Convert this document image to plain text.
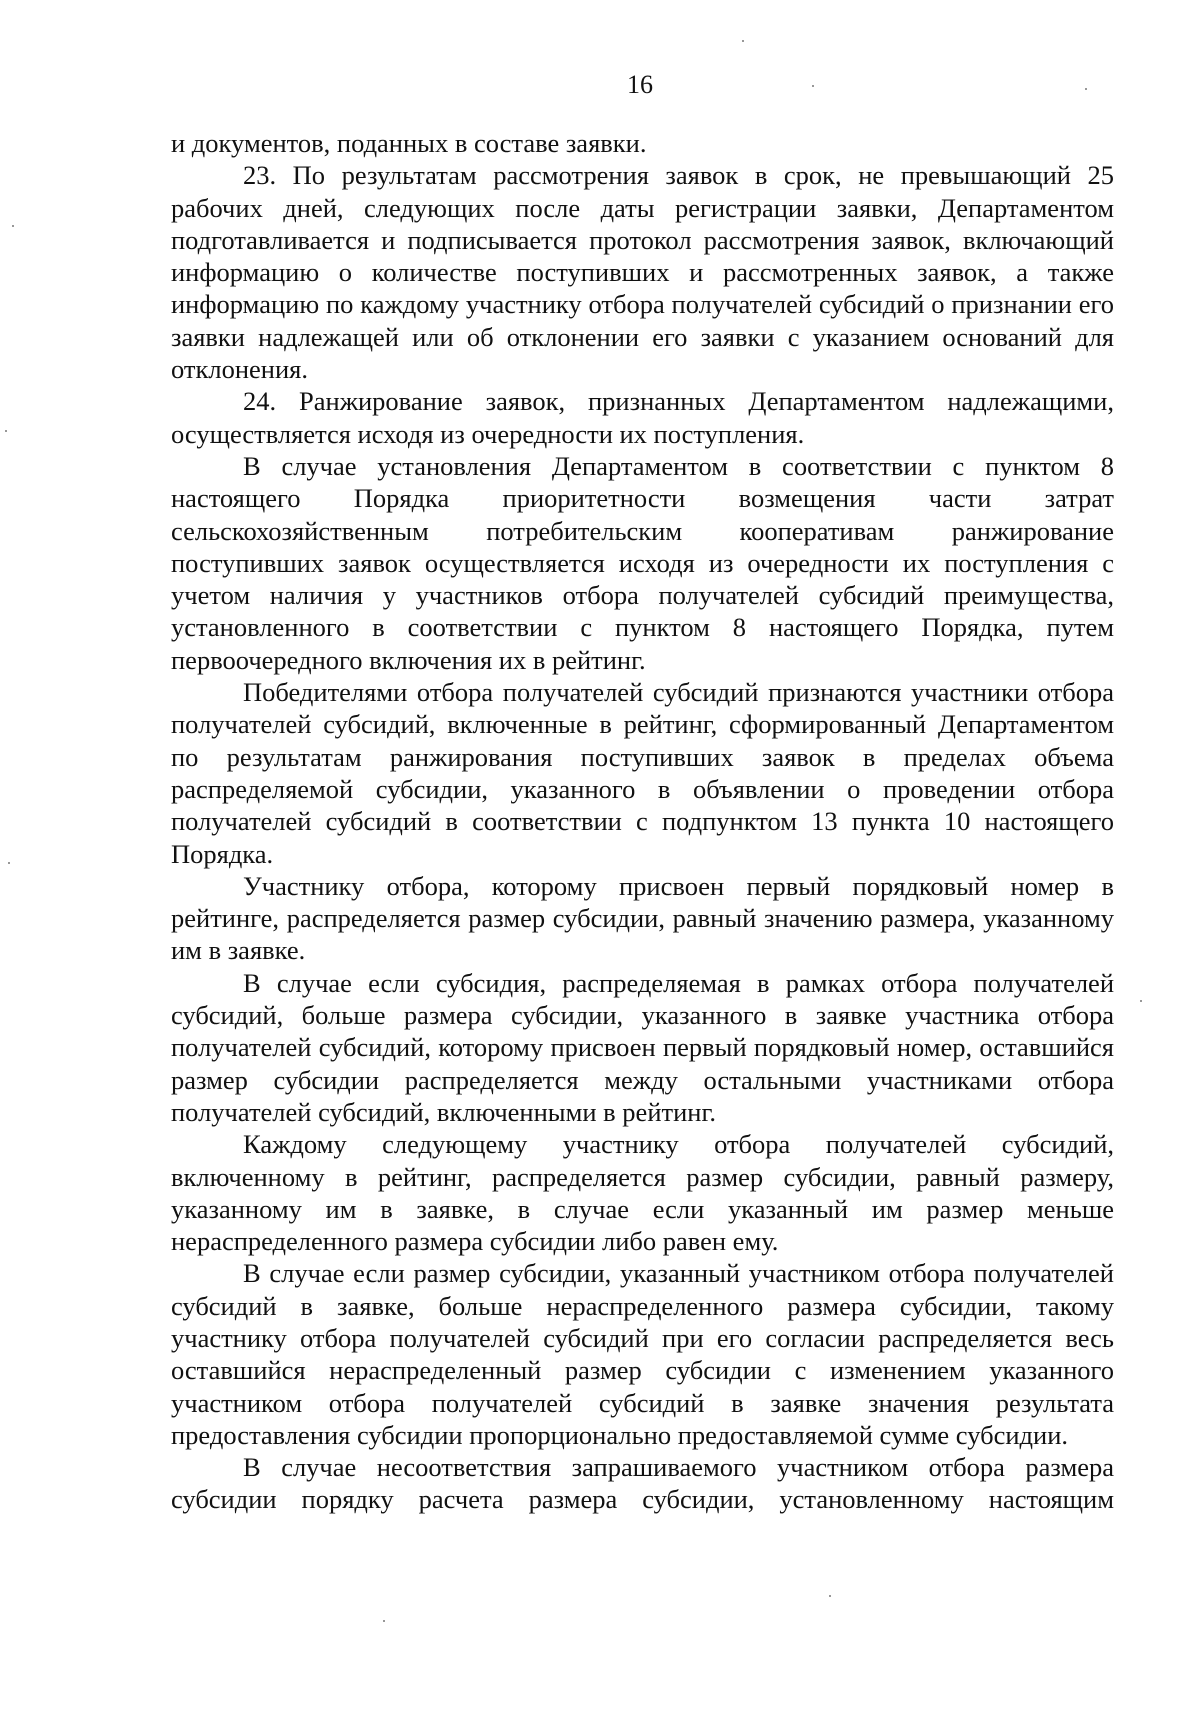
16

и документов, поданных в составе заявки.

23. По результатам рассмотрения заявок в срок, не превышающий 25 рабочих дней, следующих после даты регистрации заявки, Департаментом подготавливается и подписывается протокол рассмотрения заявок, включающий информацию о количестве поступивших и рассмотренных заявок, а также информацию по каждому участнику отбора получателей субсидий о признании его заявки надлежащей или об отклонении его заявки с указанием оснований для отклонения.

24. Ранжирование заявок, признанных Департаментом надлежащими, осуществляется исходя из очередности их поступления.

В случае установления Департаментом в соответствии с пунктом 8 настоящего Порядка приоритетности возмещения части затрат сельскохозяйственным потребительским кооперативам ранжирование поступивших заявок осуществляется исходя из очередности их поступления с учетом наличия у участников отбора получателей субсидий преимущества, установленного в соответствии с пунктом 8 настоящего Порядка, путем первоочередного включения их в рейтинг.

Победителями отбора получателей субсидий признаются участники отбора получателей субсидий, включенные в рейтинг, сформированный Департаментом по результатам ранжирования поступивших заявок в пределах объема распределяемой субсидии, указанного в объявлении о проведении отбора получателей субсидий в соответствии с подпунктом 13 пункта 10 настоящего Порядка.

Участнику отбора, которому присвоен первый порядковый номер в рейтинге, распределяется размер субсидии, равный значению размера, указанному им в заявке.

В случае если субсидия, распределяемая в рамках отбора получателей субсидий, больше размера субсидии, указанного в заявке участника отбора получателей субсидий, которому присвоен первый порядковый номер, оставшийся размер субсидии распределяется между остальными участниками отбора получателей субсидий, включенными в рейтинг.

Каждому следующему участнику отбора получателей субсидий, включенному в рейтинг, распределяется размер субсидии, равный размеру, указанному им в заявке, в случае если указанный им размер меньше нераспределенного размера субсидии либо равен ему.

В случае если размер субсидии, указанный участником отбора получателей субсидий в заявке, больше нераспределенного размера субсидии, такому участнику отбора получателей субсидий при его согласии распределяется весь оставшийся нераспределенный размер субсидии с изменением указанного участником отбора получателей субсидий в заявке значения результата предоставления субсидии пропорционально предоставляемой сумме субсидии.

В случае несоответствия запрашиваемого участником отбора размера субсидии порядку расчета размера субсидии, установленному настоящим
